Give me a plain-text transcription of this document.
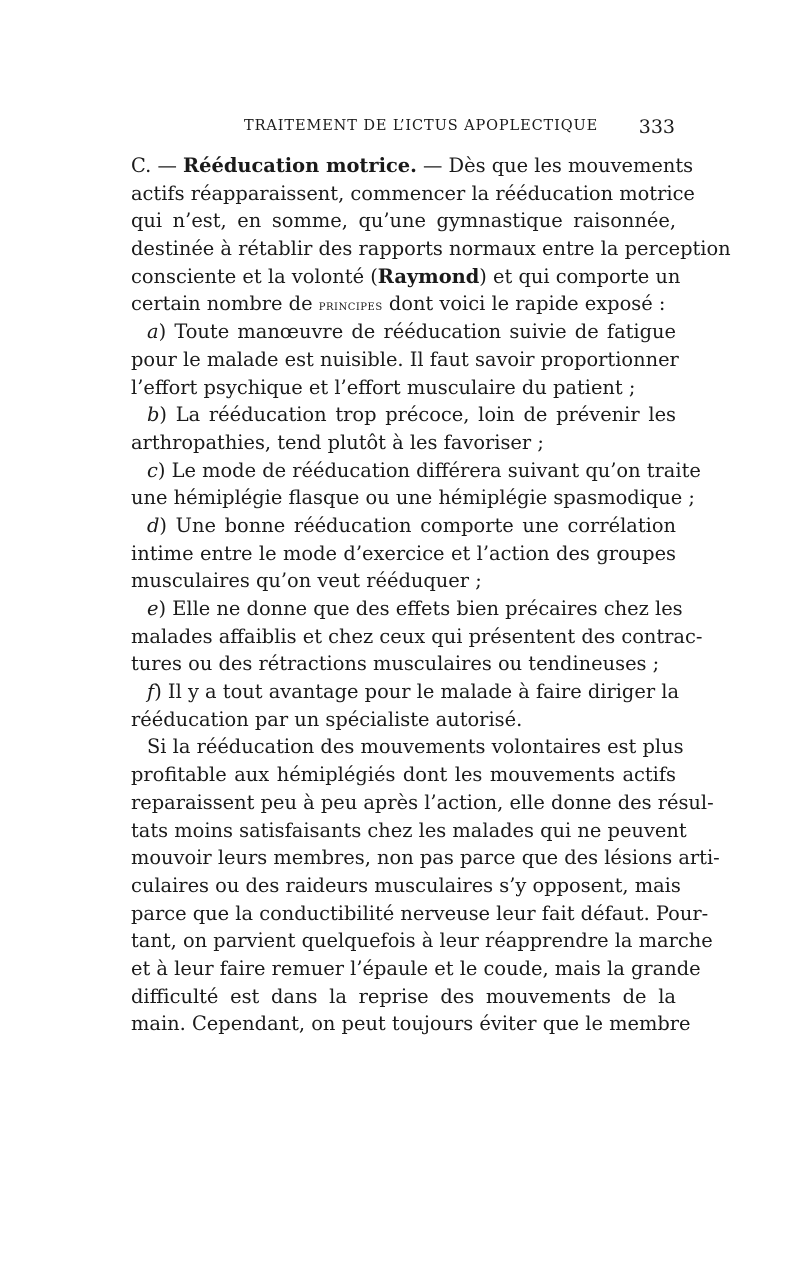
TRAITEMENT DE L’ICTUS APOPLECTIQUE 333
C. — Rééducation motrice. — Dès que les mouvements
actifs réapparaissent, commencer la rééducation motrice
qui n’est, en somme, qu’une gymnastique raisonnée,
destinée à rétablir des rapports normaux entre la perception
consciente et la volonté (Raymond) et qui comporte un
certain nombre de principes dont voici le rapide exposé :
a) Toute manœuvre de rééducation suivie de fatigue
pour le malade est nuisible. Il faut savoir proportionner
l’effort psychique et l’effort musculaire du patient ;
b) La rééducation trop précoce, loin de prévenir les
arthropathies, tend plutôt à les favoriser ;
c) Le mode de rééducation différera suivant qu’on traite
une hémiplégie flasque ou une hémiplégie spasmodique ;
d) Une bonne rééducation comporte une corrélation
intime entre le mode d’exercice et l’action des groupes
musculaires qu’on veut rééduquer ;
e) Elle ne donne que des effets bien précaires chez les
malades affaiblis et chez ceux qui présentent des contrac-
tures ou des rétractions musculaires ou tendineuses ;
f) Il y a tout avantage pour le malade à faire diriger la
rééducation par un spécialiste autorisé.
Si la rééducation des mouvements volontaires est plus
profitable aux hémiplégiés dont les mouvements actifs
reparaissent peu à peu après l’action, elle donne des résul-
tats moins satisfaisants chez les malades qui ne peuvent
mouvoir leurs membres, non pas parce que des lésions arti-
culaires ou des raideurs musculaires s’y opposent, mais
parce que la conductibilité nerveuse leur fait défaut. Pour-
tant, on parvient quelquefois à leur réapprendre la marche
et à leur faire remuer l’épaule et le coude, mais la grande
difficulté est dans la reprise des mouvements de la
main. Cependant, on peut toujours éviter que le membre
